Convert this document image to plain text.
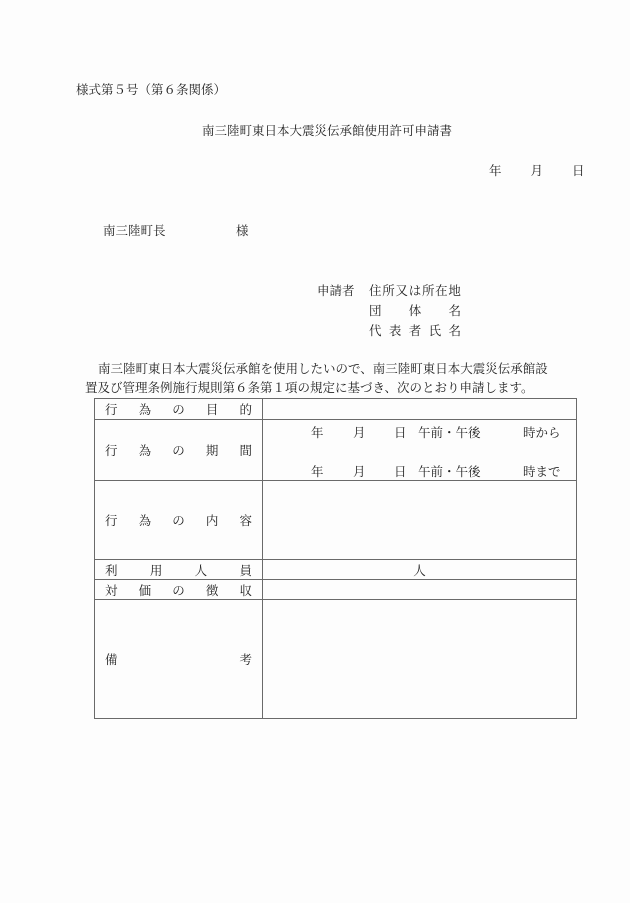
様式第５号（第６条関係）
南三陸町東日本大震災伝承館使用許可申請書
年 月 日
南三陸町長	様
申請者 住 所 又 は 所 在 地
団 体 名
代 表 者 氏 名
南三陸町東日本大震災伝承館を使用したいので、南三陸町東日本大震災伝承館設
置及び管理条例施行規則第６条第１項の規定に基づき、次のとおり申請します。
行 為 の 目 的	

行 為 の 期 間

年 月 日 午前・午後	時から
年 月 日 午前・午後	時まで

行 為 の 内 容	

利 用 人 員	人

対 価 の 徴 収	

備 考	
